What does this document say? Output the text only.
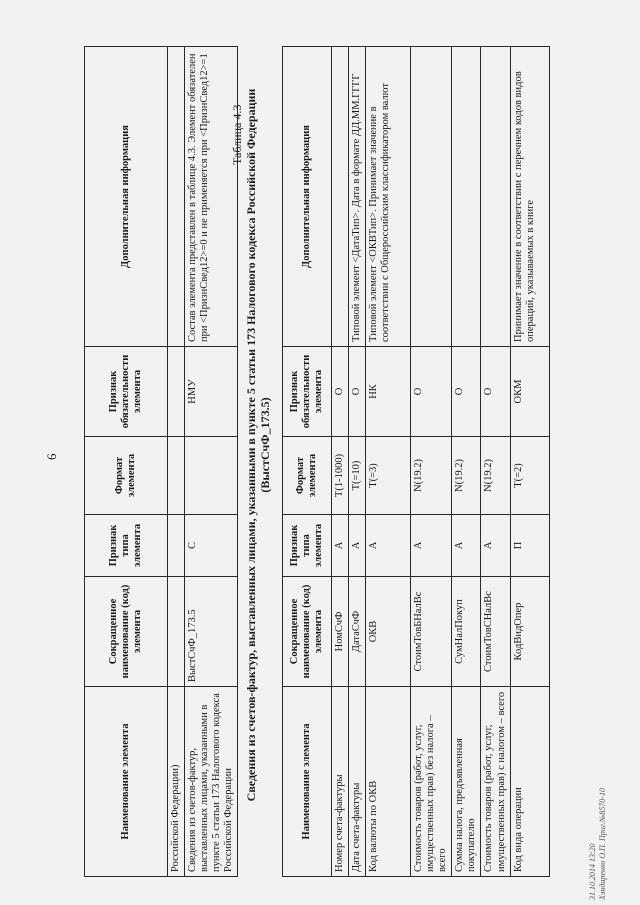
6
Наименование элемента	Сокращенное наименование (код) элемента	Признак типа элемента	Формат элемента	Признак обязательности элемента	Дополнительная информация
Российской Федерации)					
Сведения из счетов-фактур, выставленных лицами, указанными в пункте 5 статьи 173 Налогового кодекса Российской Федерации	ВыстСчФ_173.5	С		НМУ	Состав элемента представлен в таблице 4.3. Элемент обязателен при <ПризнСвед12>=0 и не применяется при <ПризнСвед12>=1 Таблица 4.3 Сведения из счетов-фактур, выставленных лицами, указанными в пункте 5 статьи 173 Налогового кодекса Российской Федерации (ВыстСчФ_173.5)
Наименование элемента	Сокращенное наименование (код) элемента	Признак типа элемента	Формат элемента	Признак обязательности элемента	Дополнительная информация
Номер счета-фактуры	НомСчФ	А	T(1-1000)	О	
Дата счета-фактуры	ДатаСчФ	А	T(=10)	О	Типовой элемент <ДатаТип>. Дата в формате ДД.ММ.ГГГГ
Код валюты по ОКВ	ОКВ	А	T(=3)	НК	Типовой элемент <ОКВТип>. Принимает значение в соответствии с Общероссийским классификатором валют
Стоимость товаров (работ, услуг, имущественных прав) без налога – всего	СтоимТовБНалВс	А	N(19.2)	О	
Сумма налога, предъявленная покупателю	СумНалПокуп	А	N(19.2)	О	
Стоимость товаров (работ, услуг, имущественных прав) с налогом – всего	СтоимТовСНалВс	А	N(19.2)	О	
Код вида операции	КодВидОпер	П	T(=2)	ОКМ	Принимает значение в соответствии с перечнем кодов видов операций, указываемых в книге
31.10.2014 13:20 Хэндаренко О.П. Приг.№8570-10
